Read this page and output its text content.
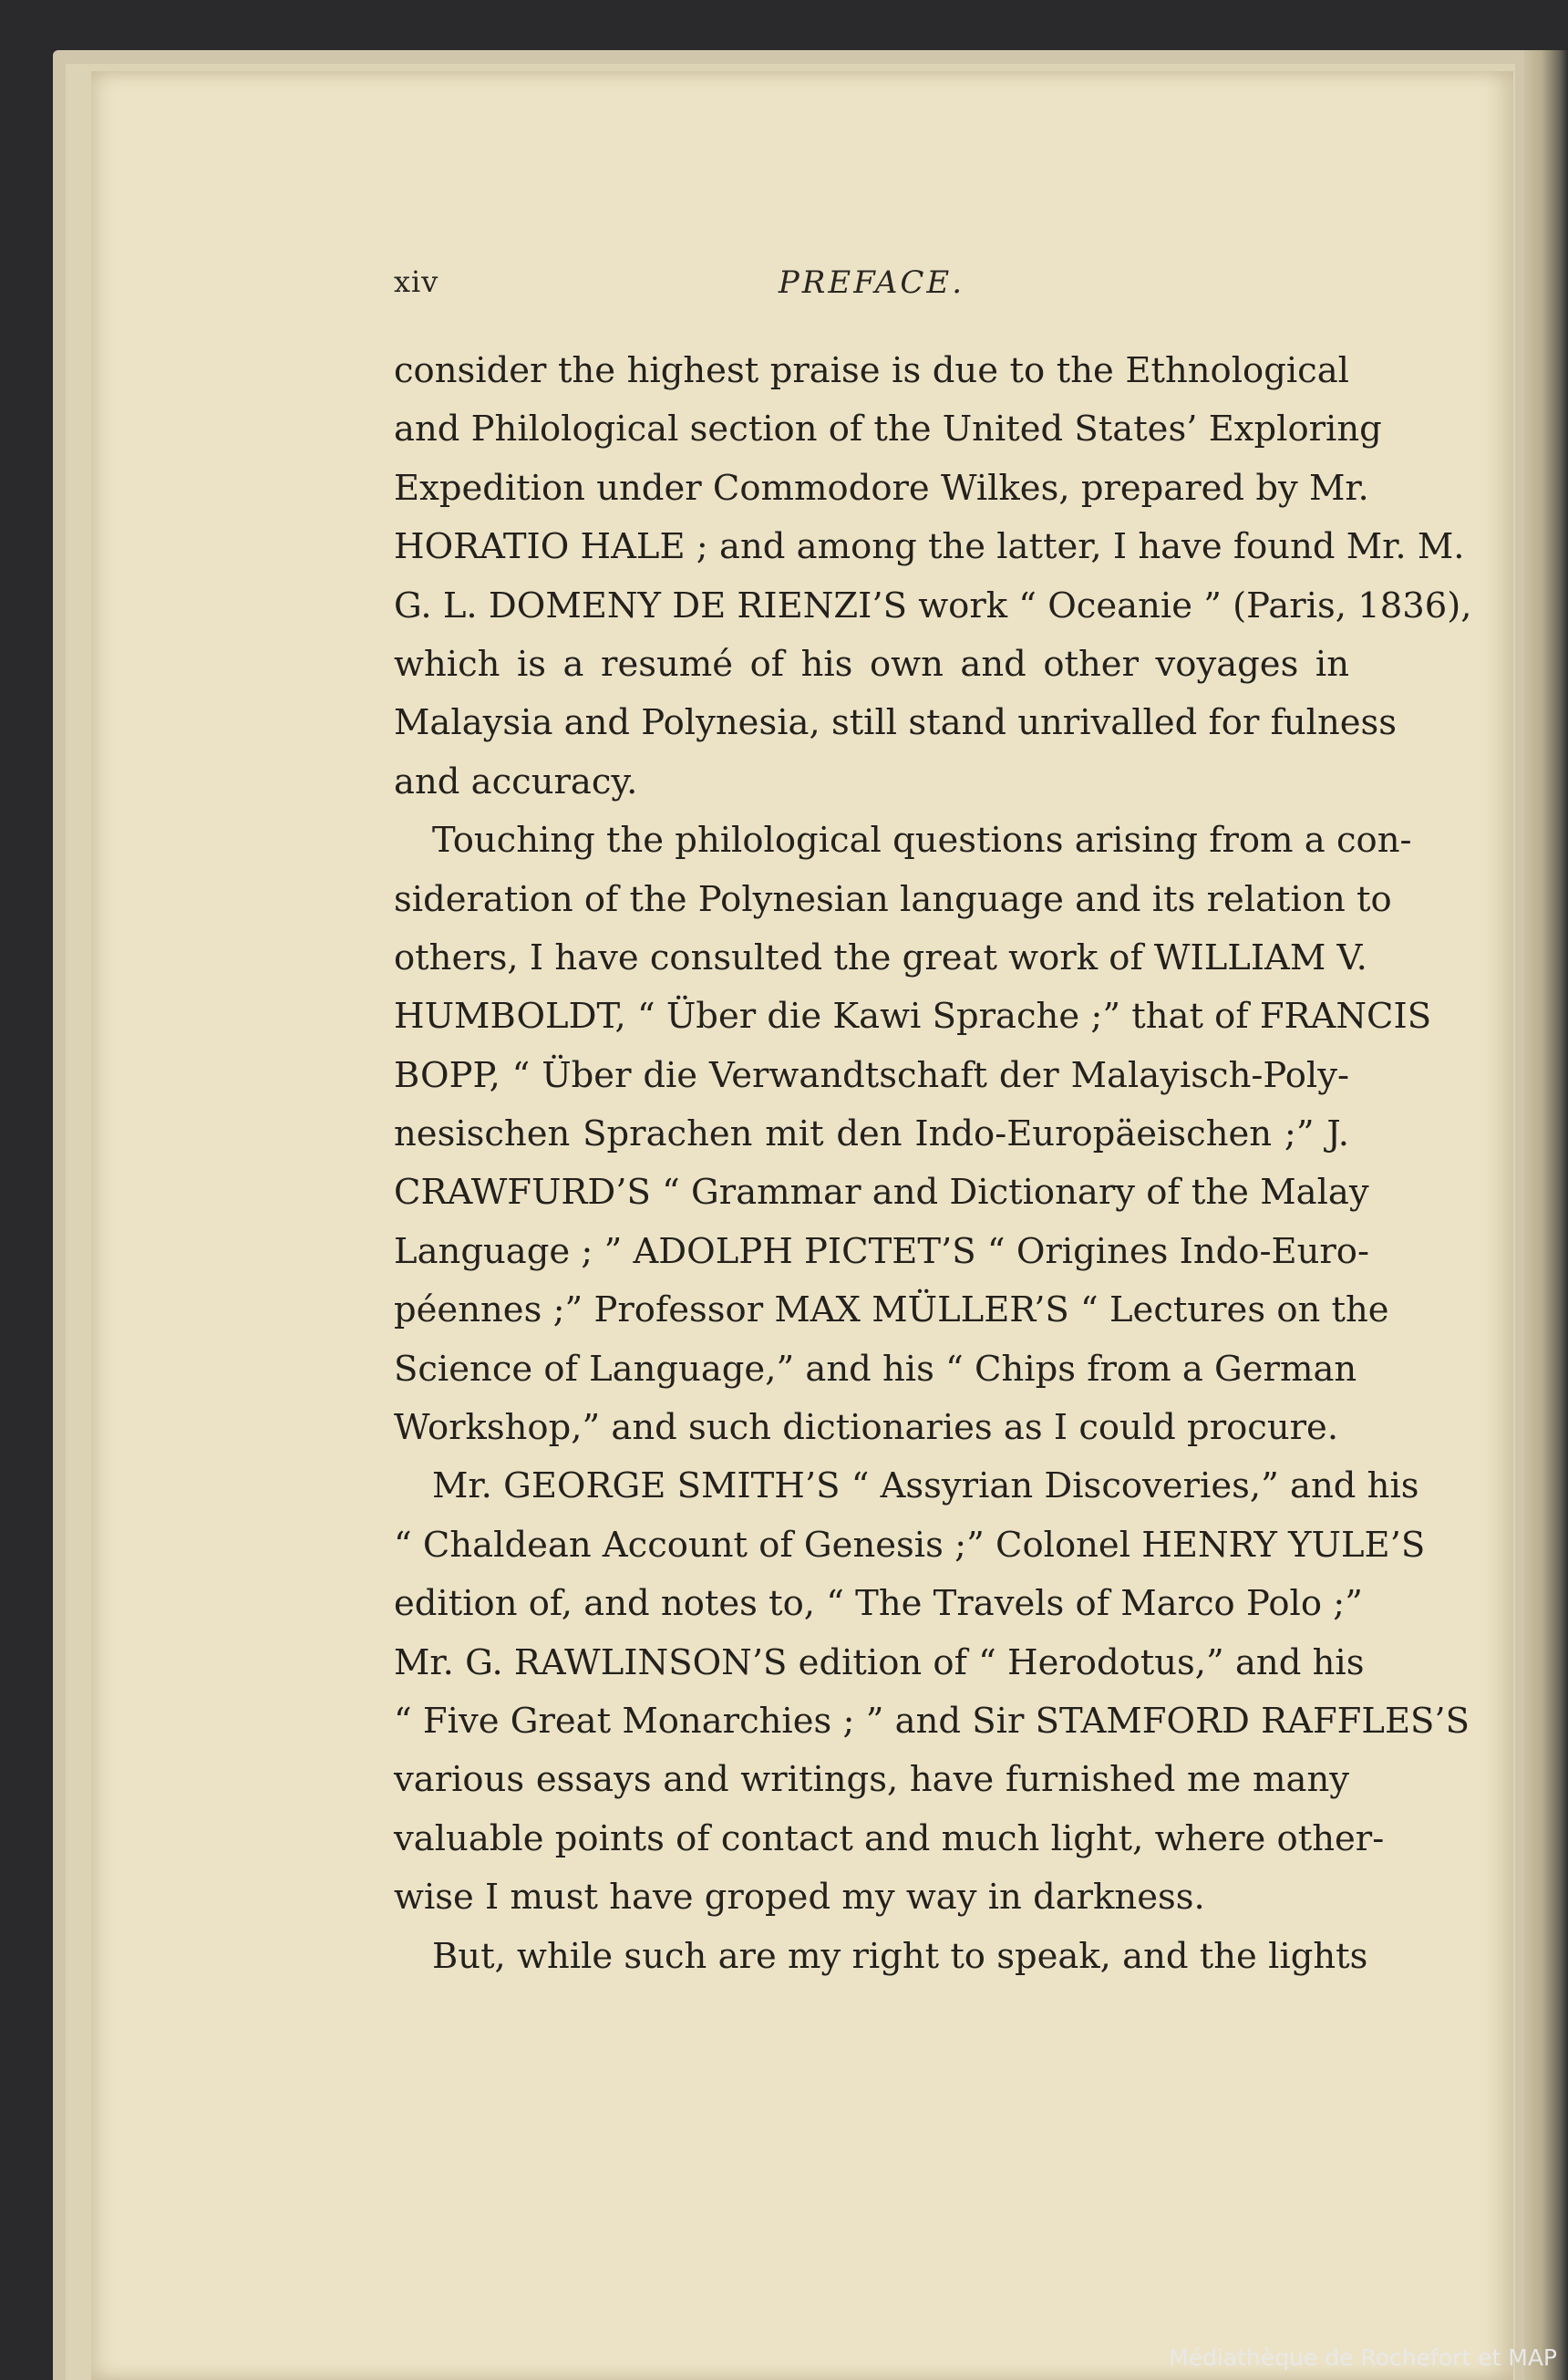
xiv	PREFACE.
consider the highest praise is due to the Ethnological
and Philological section of the United States’ Exploring
Expedition under Commodore Wilkes, prepared by Mr.
HORATIO HALE ; and among the latter, I have found Mr. M.
G. L. DOMENY DE RIENZI’S work “ Oceanie ” (Paris, 1836),
which is a resumé of his own and other voyages in
Malaysia and Polynesia, still stand unrivalled for fulness
and accuracy.
Touching the philological questions arising from a con-
sideration of the Polynesian language and its relation to
others, I have consulted the great work of WILLIAM V.
HUMBOLDT, “ Über die Kawi Sprache ;” that of FRANCIS
BOPP, “ Über die Verwandtschaft der Malayisch-Poly-
nesischen Sprachen mit den Indo-Europäeischen ;” J.
CRAWFURD’S “ Grammar and Dictionary of the Malay
Language ; ” ADOLPH PICTET’S “ Origines Indo-Euro-
péennes ;” Professor MAX MÜLLER’S “ Lectures on the
Science of Language,” and his “ Chips from a German
Workshop,” and such dictionaries as I could procure.
Mr. GEORGE SMITH’S “ Assyrian Discoveries,” and his
“ Chaldean Account of Genesis ;” Colonel HENRY YULE’S
edition of, and notes to, “ The Travels of Marco Polo ;”
Mr. G. RAWLINSON’S edition of “ Herodotus,” and his
“ Five Great Monarchies ; ” and Sir STAMFORD RAFFLES’S
various essays and writings, have furnished me many
valuable points of contact and much light, where other-
wise I must have groped my way in darkness.
But, while such are my right to speak, and the lights
Médiathèque de Rochefort et MAP
